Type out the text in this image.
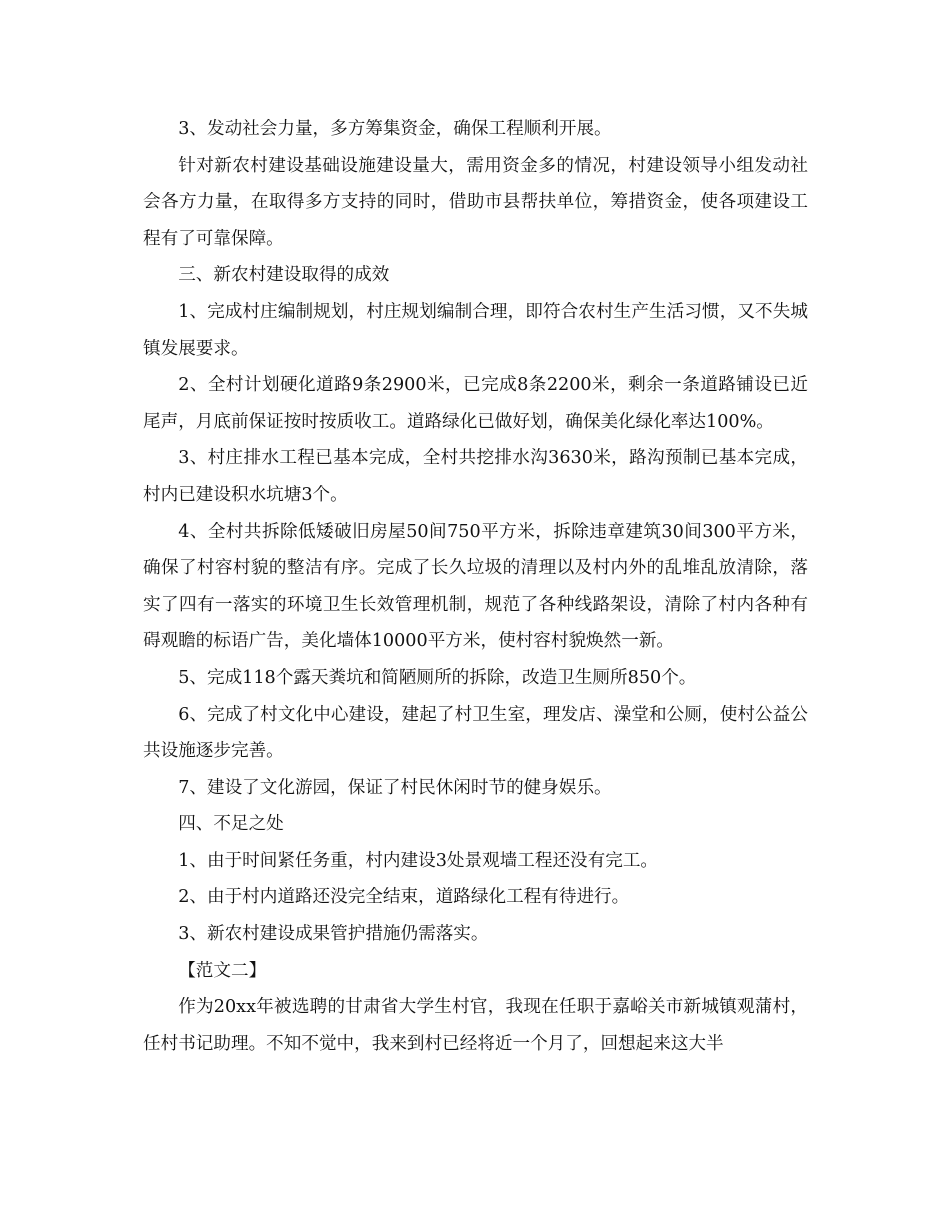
3、发动社会力量，多方筹集资金，确保工程顺利开展。

针对新农村建设基础设施建设量大，需用资金多的情况，村建设领导小组发动社会各方力量，在取得多方支持的同时，借助市县帮扶单位，筹措资金，使各项建设工程有了可靠保障。

三、新农村建设取得的成效

1、完成村庄编制规划，村庄规划编制合理，即符合农村生产生活习惯，又不失城镇发展要求。

2、全村计划硬化道路9条2900米，已完成8条2200米，剩余一条道路铺设已近尾声，月底前保证按时按质收工。道路绿化已做好划，确保美化绿化率达100%。

3、村庄排水工程已基本完成，全村共挖排水沟3630米，路沟预制已基本完成，村内已建设积水坑塘3个。

4、全村共拆除低矮破旧房屋50间750平方米，拆除违章建筑30间300平方米，确保了村容村貌的整洁有序。完成了长久垃圾的清理以及村内外的乱堆乱放清除，落实了四有一落实的环境卫生长效管理机制，规范了各种线路架设，清除了村内各种有碍观瞻的标语广告，美化墙体10000平方米，使村容村貌焕然一新。

5、完成118个露天粪坑和简陋厕所的拆除，改造卫生厕所850个。

6、完成了村文化中心建设，建起了村卫生室，理发店、澡堂和公厕，使村公益公共设施逐步完善。

7、建设了文化游园，保证了村民休闲时节的健身娱乐。

四、不足之处

1、由于时间紧任务重，村内建设3处景观墙工程还没有完工。

2、由于村内道路还没完全结束，道路绿化工程有待进行。

3、新农村建设成果管护措施仍需落实。

【范文二】

作为20xx年被选聘的甘肃省大学生村官，我现在任职于嘉峪关市新城镇观蒲村，任村书记助理。不知不觉中，我来到村已经将近一个月了，回想起来这大半
